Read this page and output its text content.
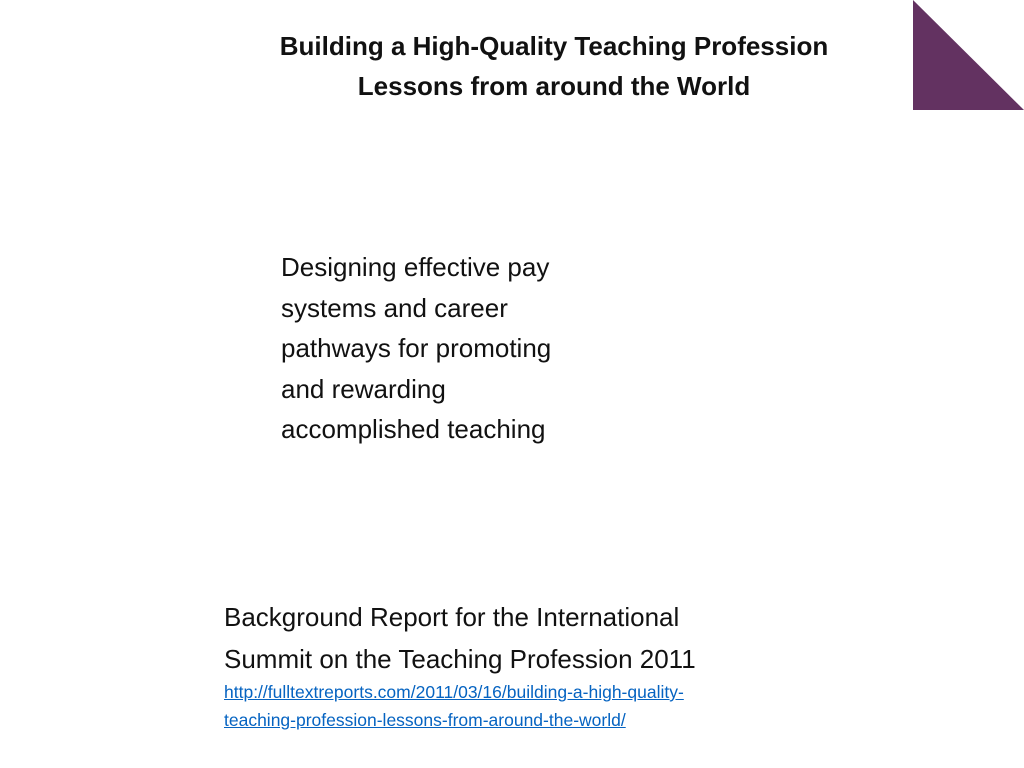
Building a High-Quality Teaching Profession
Lessons from around the World
Designing effective pay
systems and career
pathways for promoting
and rewarding
accomplished teaching
Background Report for the International
Summit on the Teaching Profession 2011
http://fulltextreports.com/2011/03/16/building-a-high-quality-
teaching-profession-lessons-from-around-the-world/
